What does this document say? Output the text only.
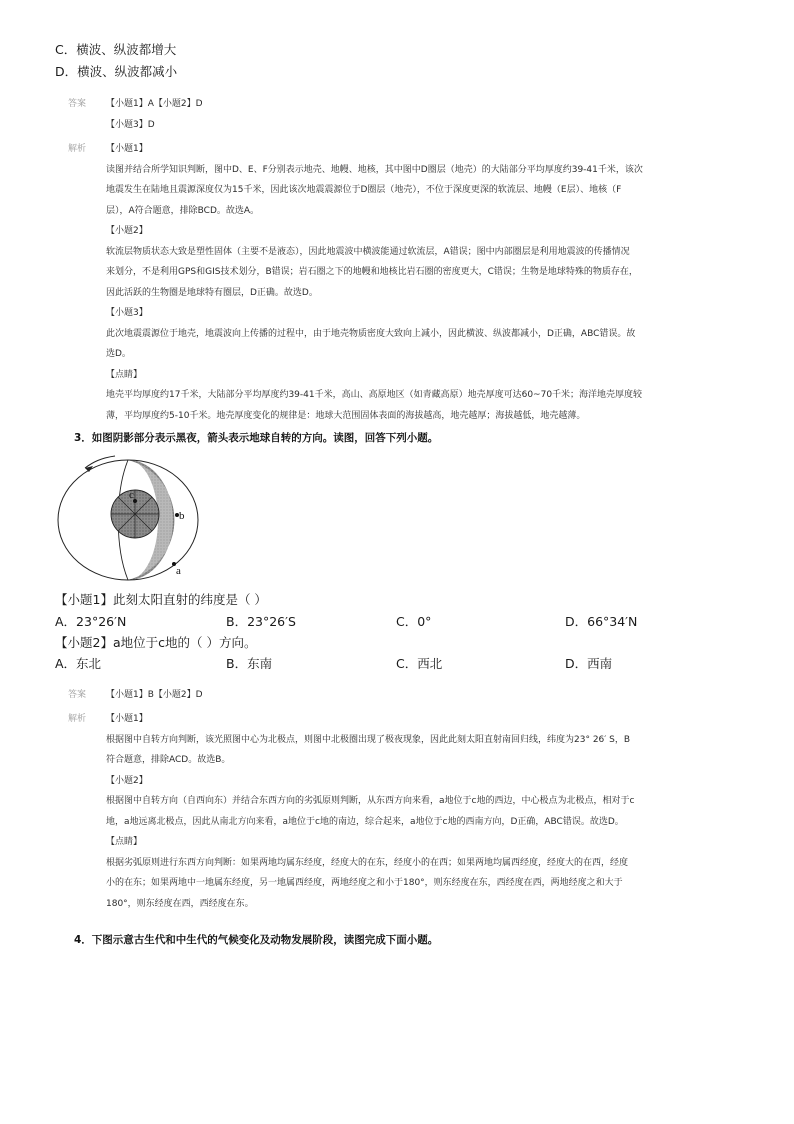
C．横波、纵波都增大
D．横波、纵波都减小
答案	【小题1】A【小题2】D

【小题3】D

解析	【小题1】

读图并结合所学知识判断，图中D、E、F分别表示地壳、地幔、地核，其中图中D圈层（地壳）的大陆部分平均厚度约39-41千米，该次

地震发生在陆地且震源深度仅为15千米，因此该次地震震源位于D圈层（地壳），不位于深度更深的软流层、地幔（E层）、地核（F

层），A符合题意，排除BCD。故选A。

【小题2】

软流层物质状态大致是塑性固体（主要不是液态），因此地震波中横波能通过软流层，A错误；图中内部圈层是利用地震波的传播情况

来划分，不是利用GPS和GIS技术划分，B错误；岩石圈之下的地幔和地核比岩石圈的密度更大，C错误；生物是地球特殊的物质存在，

因此活跃的生物圈是地球特有圈层，D正确。故选D。

【小题3】

此次地震震源位于地壳，地震波向上传播的过程中，由于地壳物质密度大致向上减小，因此横波、纵波都减小，D正确，ABC错误。故

选D。

【点睛】

地壳平均厚度约17千米，大陆部分平均厚度约39-41千米，高山、高原地区（如青藏高原）地壳厚度可达60~70千米；海洋地壳厚度较

薄，平均厚度约5-10千米。地壳厚度变化的规律是：地球大范围固体表面的海拔越高，地壳越厚；海拔越低，地壳越薄。

3．如图阴影部分表示黑夜，箭头表示地球自转的方向。读图，回答下列小题。
c
b
a
【小题1】此刻太阳直射的纬度是（ ）
A．23°26′N	B．23°26′S	C．0°	D．66°34′N
【小题2】a地位于c地的（ ）方向。
A．东北	B．东南	C．西北	D．西南
答案	【小题1】B【小题2】D

解析	【小题1】

根据图中自转方向判断，该光照图中心为北极点，则图中北极圈出现了极夜现象，因此此刻太阳直射南回归线，纬度为23° 26′ S，B

符合题意，排除ACD。故选B。

【小题2】

根据图中自转方向（自西向东）并结合东西方向的劣弧原则判断，从东西方向来看，a地位于c地的西边，中心极点为北极点，相对于c

地，a地远离北极点，因此从南北方向来看，a地位于c地的南边，综合起来，a地位于c地的西南方向，D正确，ABC错误。故选D。

【点睛】

根据劣弧原则进行东西方向判断：如果两地均属东经度，经度大的在东，经度小的在西；如果两地均属西经度，经度大的在西，经度

小的在东；如果两地中一地属东经度，另一地属西经度，两地经度之和小于180°，则东经度在东，西经度在西，两地经度之和大于

180°，则东经度在西，西经度在东。

4．下图示意古生代和中生代的气候变化及动物发展阶段，读图完成下面小题。
